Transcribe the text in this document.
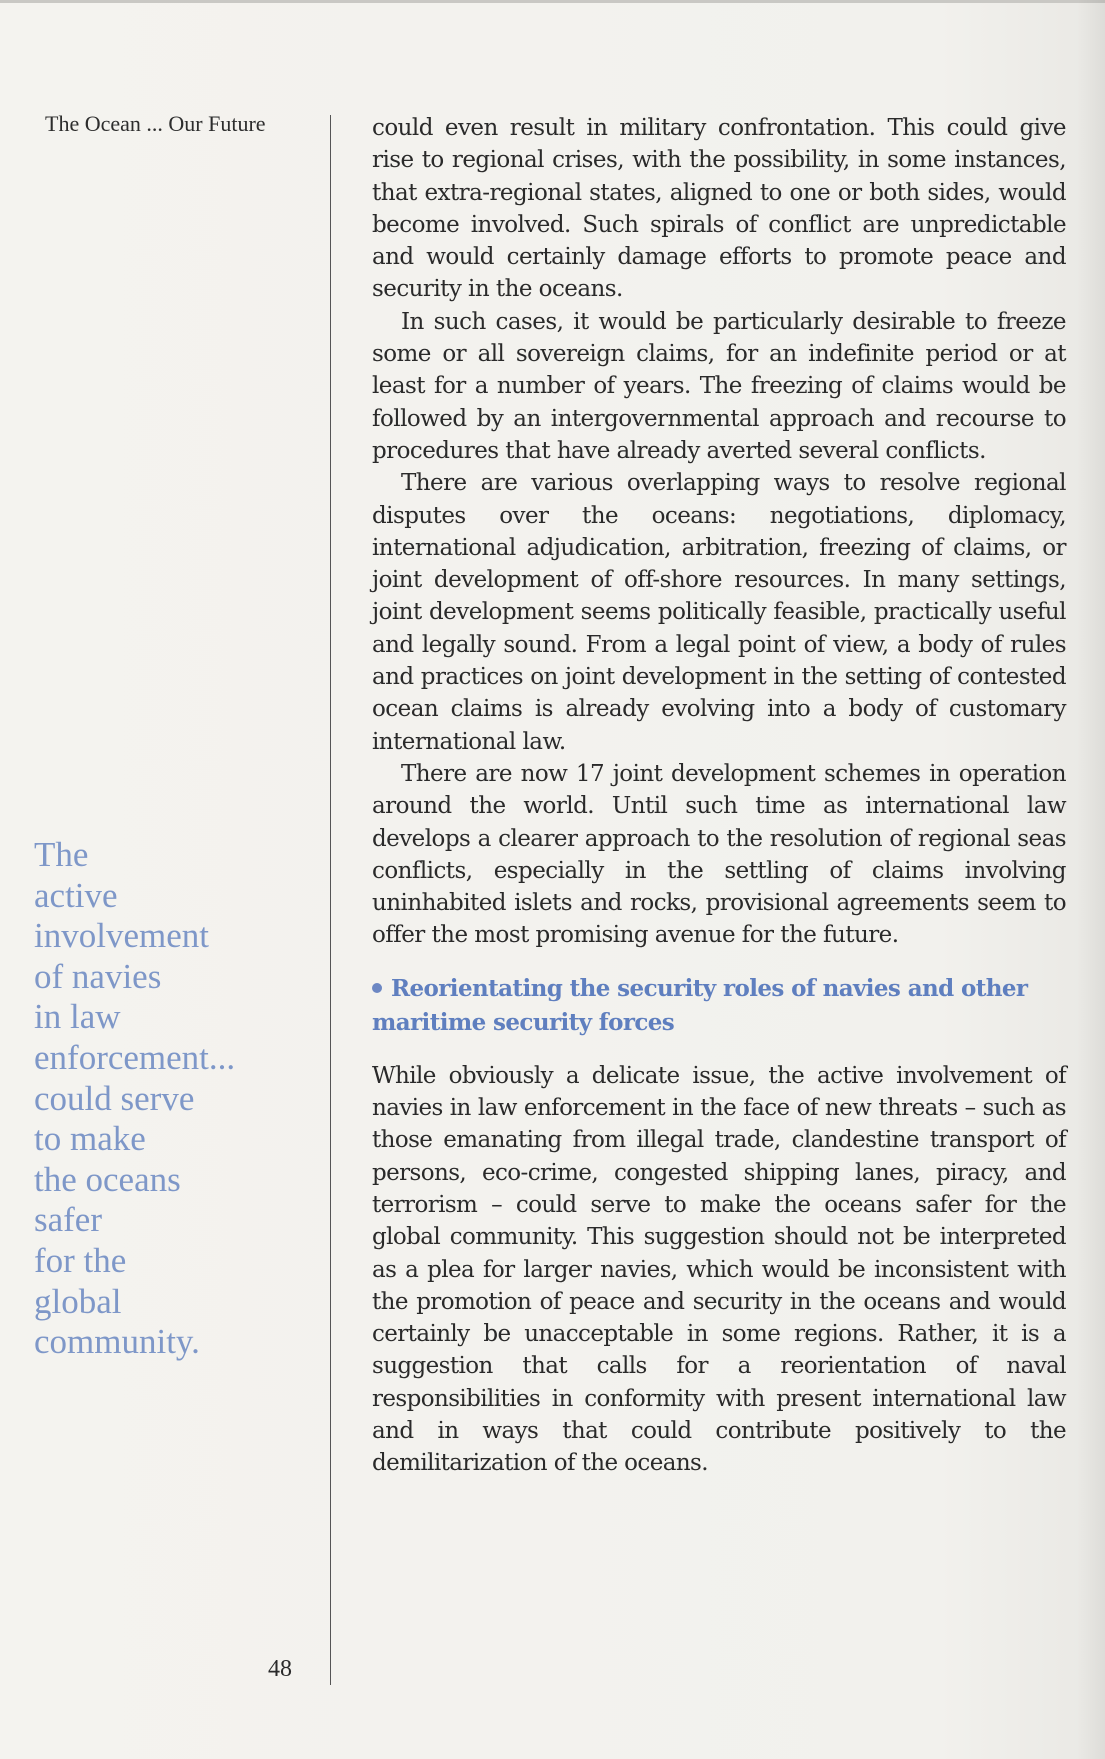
The Ocean ... Our Future
The
active
involvement
of navies
in law
enforcement...
could serve
to make
the oceans
safer
for the
global
community.

could even result in military confrontation. This could give rise to regional crises, with the possibility, in some instances, that extra-regional states, aligned to one or both sides, would become involved. Such spirals of conflict are unpredictable and would certainly damage efforts to promote peace and security in the oceans.

In such cases, it would be particularly desirable to freeze some or all sovereign claims, for an indefinite period or at least for a number of years. The freezing of claims would be followed by an intergovernmental approach and recourse to procedures that have already averted several conflicts.

There are various overlapping ways to resolve regional disputes over the oceans: negotiations, diplomacy, international adjudication, arbitration, freezing of claims, or joint development of off-shore resources. In many settings, joint development seems politically feasible, practically useful and legally sound. From a legal point of view, a body of rules and practices on joint development in the setting of contested ocean claims is already evolving into a body of customary international law.

There are now 17 joint development schemes in operation around the world. Until such time as international law develops a clearer approach to the resolution of regional seas conflicts, especially in the settling of claims involving uninhabited islets and rocks, provisional agreements seem to offer the most promising avenue for the future.

Reorientating the security roles of navies and other maritime security forces

While obviously a delicate issue, the active involvement of navies in law enforcement in the face of new threats – such as those emanating from illegal trade, clandestine transport of persons, eco-crime, congested shipping lanes, piracy, and terrorism – could serve to make the oceans safer for the global community. This suggestion should not be interpreted as a plea for larger navies, which would be inconsistent with the promotion of peace and security in the oceans and would certainly be unacceptable in some regions. Rather, it is a suggestion that calls for a reorientation of naval responsibilities in conformity with present international law and in ways that could contribute positively to the demilitarization of the oceans.

48
